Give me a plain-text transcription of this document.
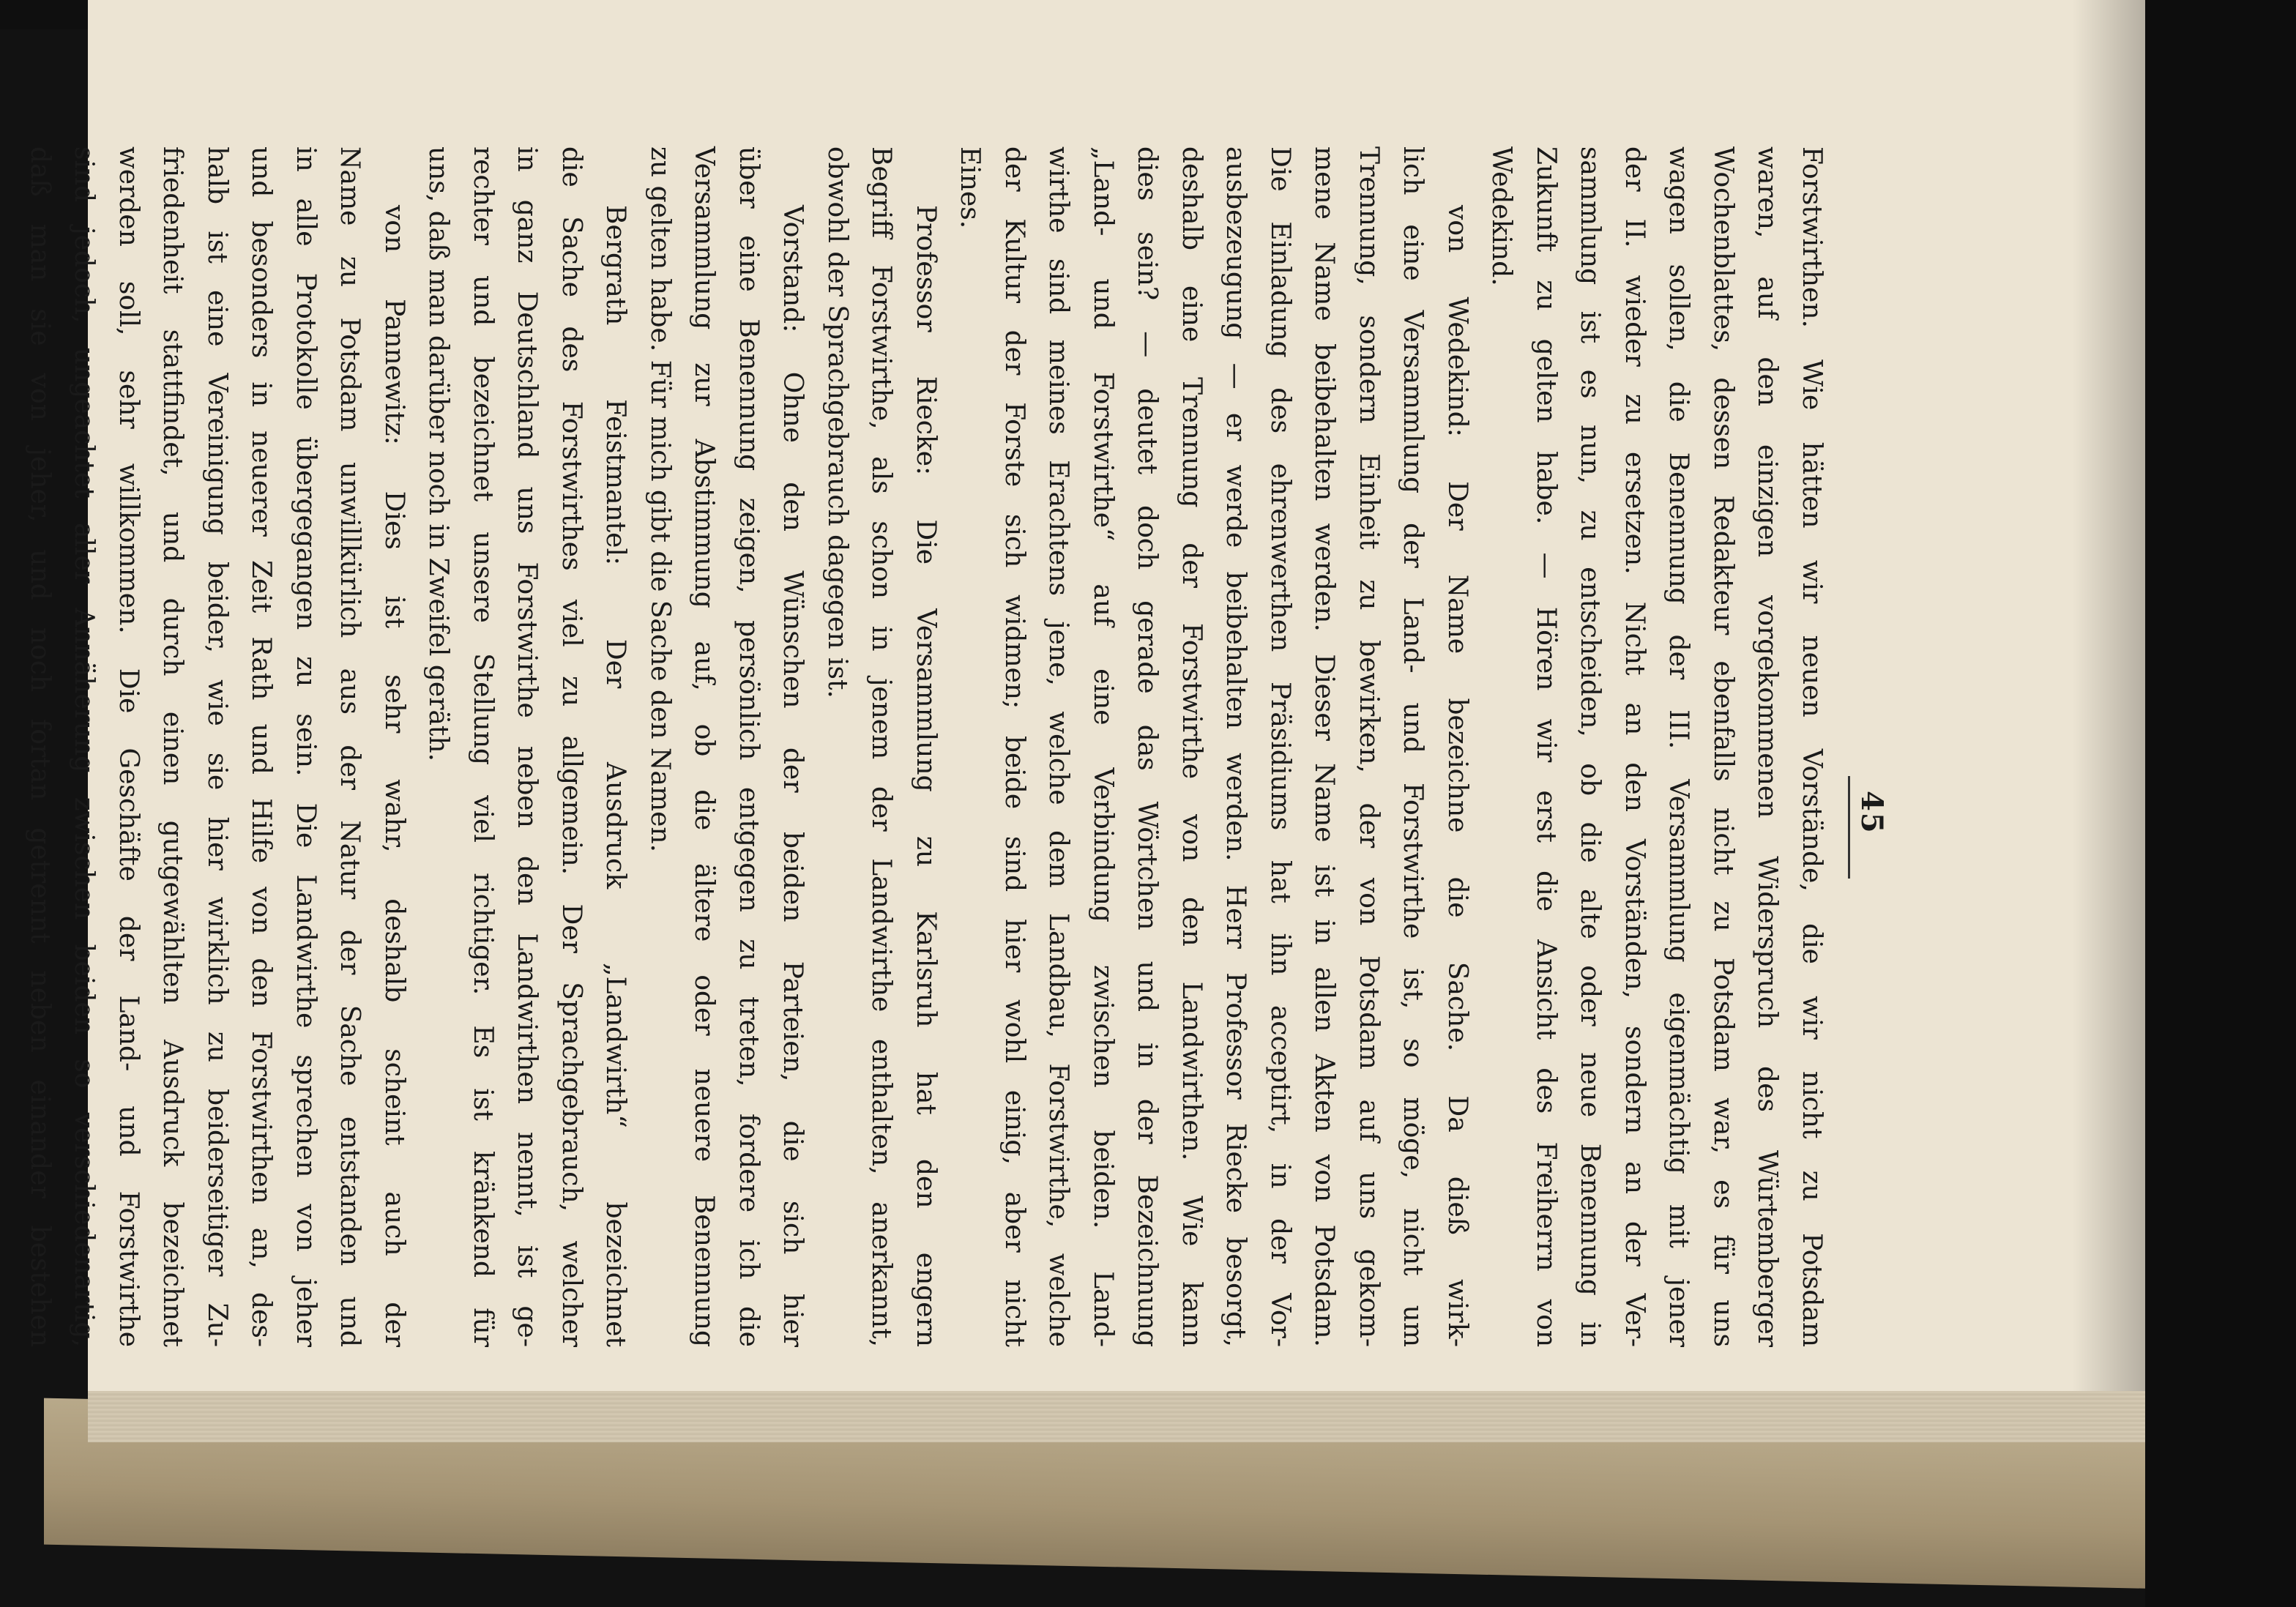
45

Forstwirthen. Wie hätten wir neuen Vorstände, die wir nicht zu Potsdam

waren, auf den einzigen vorgekommenen Widerspruch des Würtemberger

Wochenblattes, dessen Redakteur ebenfalls nicht zu Potsdam war, es für uns

wagen sollen, die Benennung der III. Versammlung eigenmächtig mit jener

der II. wieder zu ersetzen. Nicht an den Vorständen, sondern an der Ver-

sammlung ist es nun, zu entscheiden, ob die alte oder neue Benennung in

Zukunft zu gelten habe. — Hören wir erst die Ansicht des Freiherrn von

Wedekind.

von Wedekind: Der Name bezeichne die Sache. Da dieß wirk-

lich eine Versammlung der Land- und Forstwirthe ist, so möge, nicht um

Trennung, sondern Einheit zu bewirken, der von Potsdam auf uns gekom-

mene Name beibehalten werden. Dieser Name ist in allen Akten von Potsdam.

Die Einladung des ehrenwerthen Präsidiums hat ihn acceptirt, in der Vor-

ausbezeugung — er werde beibehalten werden. Herr Professor Riecke besorgt,

deshalb eine Trennung der Forstwirthe von den Landwirthen. Wie kann

dies sein? — deutet doch gerade das Wörtchen und in der Bezeichnung

„Land- und Forstwirthe“ auf eine Verbindung zwischen beiden. Land-

wirthe sind meines Erachtens jene, welche dem Landbau, Forstwirthe, welche

der Kultur der Forste sich widmen; beide sind hier wohl einig, aber nicht

Eines.

Professor Riecke: Die Versammlung zu Karlsruh hat den engern

Begriff Forstwirthe, als schon in jenem der Landwirthe enthalten, anerkannt,

obwohl der Sprachgebrauch dagegen ist.

Vorstand: Ohne den Wünschen der beiden Parteien, die sich hier

über eine Benennung zeigen, persönlich entgegen zu treten, fordere ich die

Versammlung zur Abstimmung auf, ob die ältere oder neuere Benennung

zu gelten habe. Für mich gibt die Sache den Namen.

Bergrath Feistmantel: Der Ausdruck „Landwirth“ bezeichnet

die Sache des Forstwirthes viel zu allgemein. Der Sprachgebrauch, welcher

in ganz Deutschland uns Forstwirthe neben den Landwirthen nennt, ist ge-

rechter und bezeichnet unsere Stellung viel richtiger. Es ist kränkend für

uns, daß man darüber noch in Zweifel geräth.

von Pannewitz: Dies ist sehr wahr, deshalb scheint auch der

Name zu Potsdam unwillkürlich aus der Natur der Sache entstanden und

in alle Protokolle übergegangen zu sein. Die Landwirthe sprechen von jeher

und besonders in neuerer Zeit Rath und Hilfe von den Forstwirthen an, des-

halb ist eine Vereinigung beider, wie sie hier wirklich zu beiderseitiger Zu-

friedenheit stattfindet, und durch einen gutgewählten Ausdruck bezeichnet

werden soll, sehr willkommen. Die Geschäfte der Land- und Forstwirthe

sind jedoch, ungeachtet aller Annäherung zwischen beiden so verschiedenartig,

daß man sie von jeher, und noch fortan getrennt neben einander bestehen
